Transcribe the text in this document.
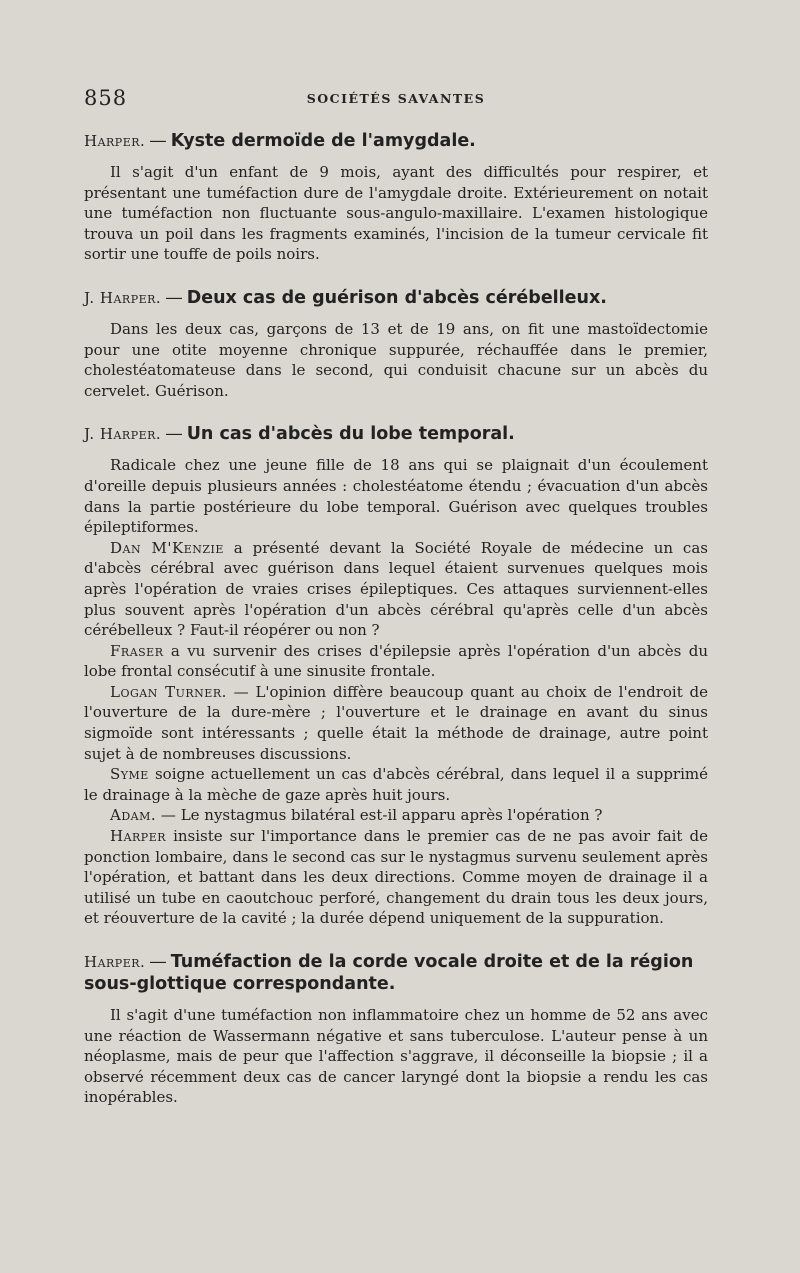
858	SOCIÉTÉS SAVANTES
Harper. — Kyste dermoïde de l'amygdale.

Il s'agit d'un enfant de 9 mois, ayant des difficultés pour respirer, et présentant une tuméfaction dure de l'amygdale droite. Extérieurement on notait une tuméfaction non fluctuante sous-angulo-maxillaire. L'examen histologique trouva un poil dans les fragments examinés, l'incision de la tumeur cervicale fit sortir une touffe de poils noirs.

J. Harper. — Deux cas de guérison d'abcès cérébelleux.

Dans les deux cas, garçons de 13 et de 19 ans, on fit une mastoïdectomie pour une otite moyenne chronique suppurée, réchauffée dans le premier, cholestéatomateuse dans le second, qui conduisit chacune sur un abcès du cervelet. Guérison.

J. Harper. — Un cas d'abcès du lobe temporal.

Radicale chez une jeune fille de 18 ans qui se plaignait d'un écoulement d'oreille depuis plusieurs années : cholestéatome étendu ; évacuation d'un abcès dans la partie postérieure du lobe temporal. Guérison avec quelques troubles épileptiformes.

Dan M'Kenzie a présenté devant la Société Royale de médecine un cas d'abcès cérébral avec guérison dans lequel étaient survenues quelques mois après l'opération de vraies crises épileptiques. Ces attaques surviennent-elles plus souvent après l'opération d'un abcès cérébral qu'après celle d'un abcès cérébelleux ? Faut-il réopérer ou non ?

Fraser a vu survenir des crises d'épilepsie après l'opération d'un abcès du lobe frontal consécutif à une sinusite frontale.

Logan Turner. — L'opinion diffère beaucoup quant au choix de l'endroit de l'ouverture de la dure-mère ; l'ouverture et le drainage en avant du sinus sigmoïde sont intéressants ; quelle était la méthode de drainage, autre point sujet à de nombreuses discussions.

Syme soigne actuellement un cas d'abcès cérébral, dans lequel il a supprimé le drainage à la mèche de gaze après huit jours.

Adam. — Le nystagmus bilatéral est-il apparu après l'opération ?

Harper insiste sur l'importance dans le premier cas de ne pas avoir fait de ponction lombaire, dans le second cas sur le nystagmus survenu seulement après l'opération, et battant dans les deux directions. Comme moyen de drainage il a utilisé un tube en caoutchouc perforé, changement du drain tous les deux jours, et réouverture de la cavité ; la durée dépend uniquement de la suppuration.

Harper. — Tuméfaction de la corde vocale droite et de la région sous-glottique correspondante.

Il s'agit d'une tuméfaction non inflammatoire chez un homme de 52 ans avec une réaction de Wassermann négative et sans tuberculose. L'auteur pense à un néoplasme, mais de peur que l'affection s'aggrave, il déconseille la biopsie ; il a observé récemment deux cas de cancer laryngé dont la biopsie a rendu les cas inopérables.
